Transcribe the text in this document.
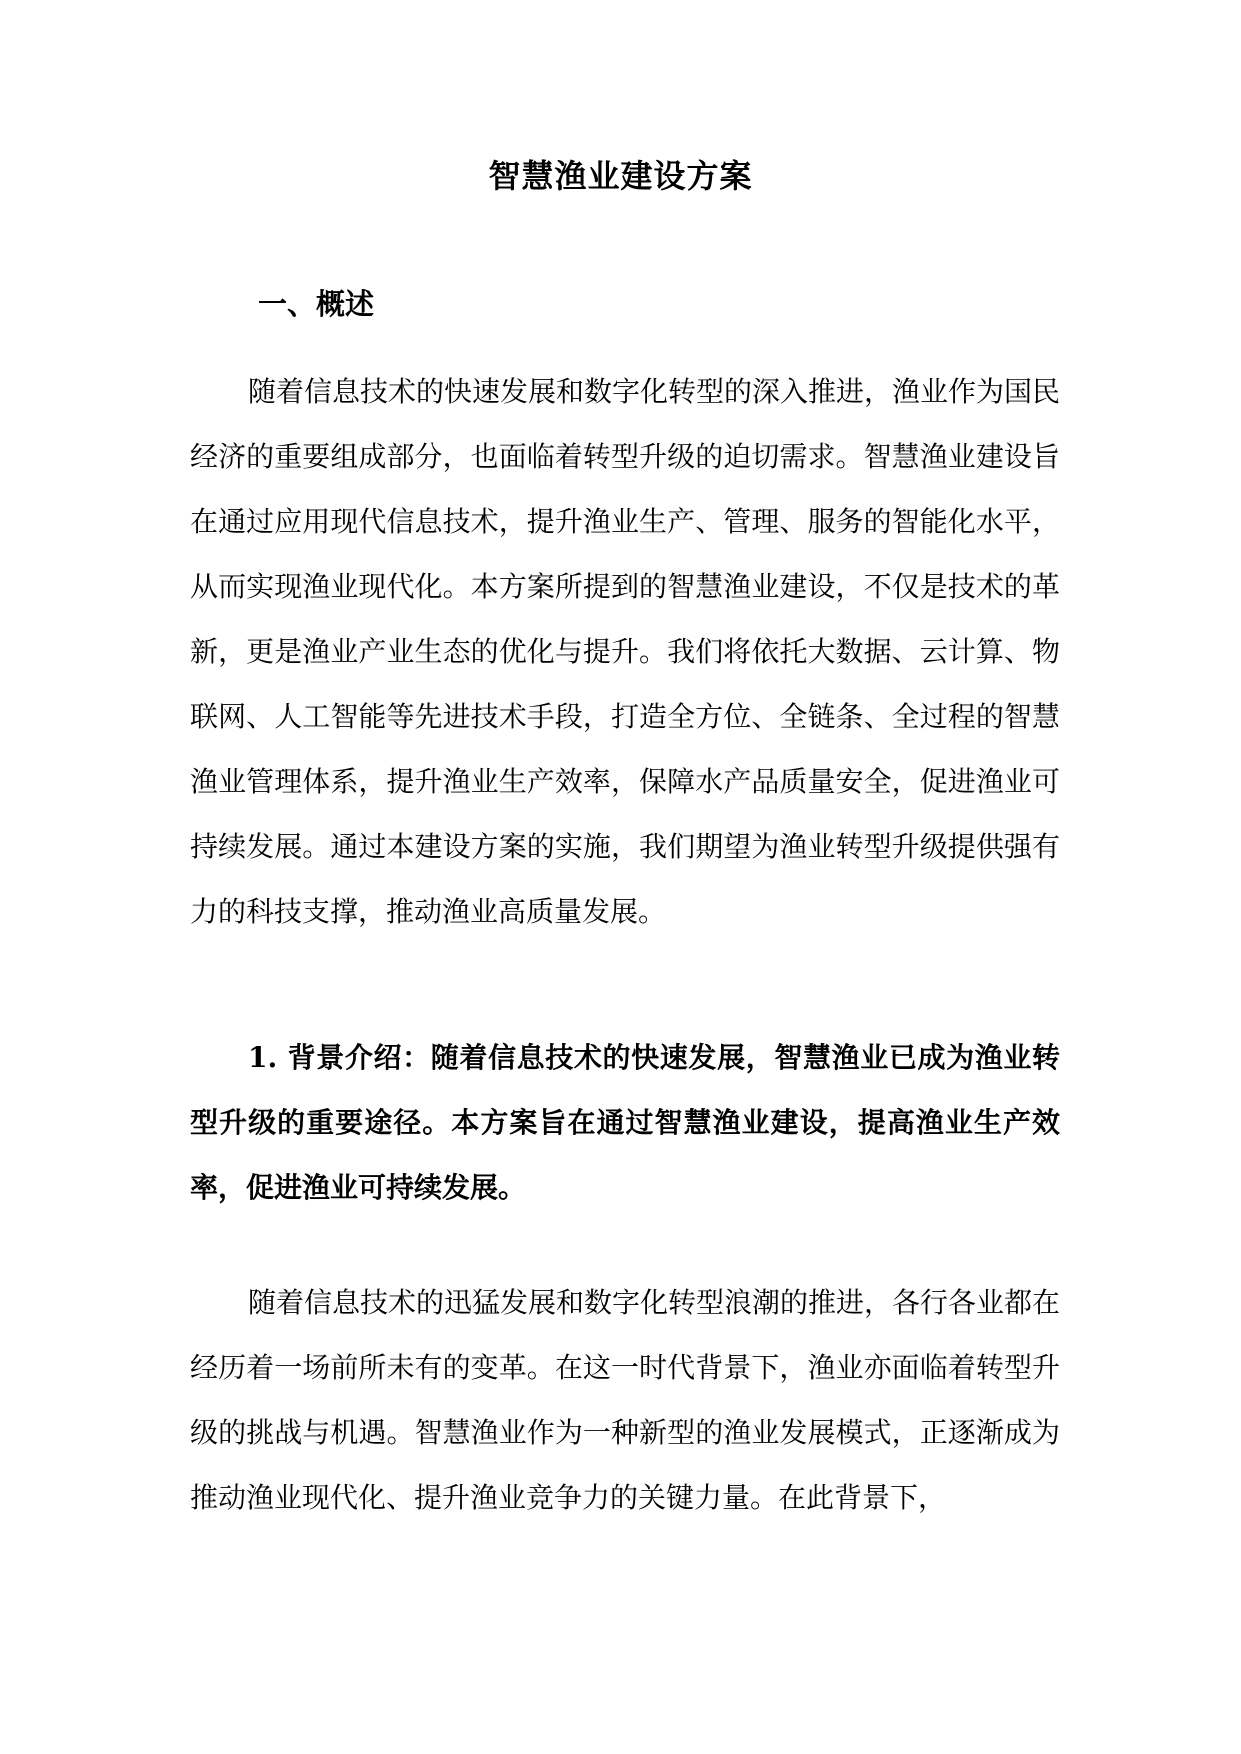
智慧渔业建设方案
一、概述

随着信息技术的快速发展和数字化转型的深入推进，渔业作为国民经济的重要组成部分，也面临着转型升级的迫切需求。智慧渔业建设旨在通过应用现代信息技术，提升渔业生产、管理、服务的智能化水平，从而实现渔业现代化。本方案所提到的智慧渔业建设，不仅是技术的革新，更是渔业产业生态的优化与提升。我们将依托大数据、云计算、物联网、人工智能等先进技术手段，打造全方位、全链条、全过程的智慧渔业管理体系，提升渔业生产效率，保障水产品质量安全，促进渔业可持续发展。通过本建设方案的实施，我们期望为渔业转型升级提供强有力的科技支撑，推动渔业高质量发展。

1. 背景介绍：随着信息技术的快速发展，智慧渔业已成为渔业转型升级的重要途径。本方案旨在通过智慧渔业建设，提高渔业生产效率，促进渔业可持续发展。

随着信息技术的迅猛发展和数字化转型浪潮的推进，各行各业都在经历着一场前所未有的变革。在这一时代背景下，渔业亦面临着转型升级的挑战与机遇。智慧渔业作为一种新型的渔业发展模式，正逐渐成为推动渔业现代化、提升渔业竞争力的关键力量。在此背景下，
